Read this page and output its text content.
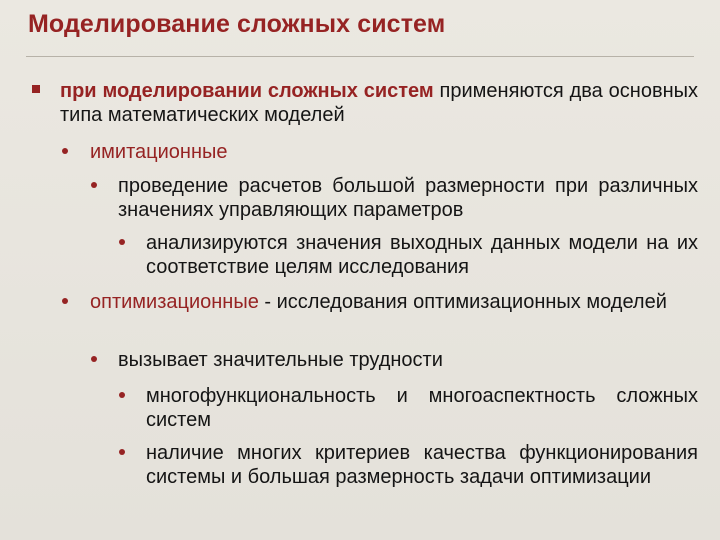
Моделирование сложных систем
при моделировании сложных систем применяются два основных типа математических моделей
имитационные
проведение расчетов большой размерности при различных значениях управляющих параметров
анализируются значения выходных данных модели на их соответствие целям исследования
оптимизационные - исследования оптимизационных моделей
вызывает значительные трудности
многофункциональность и многоаспектность сложных систем
наличие многих критериев качества функционирования системы и большая размерность задачи оптимизации
